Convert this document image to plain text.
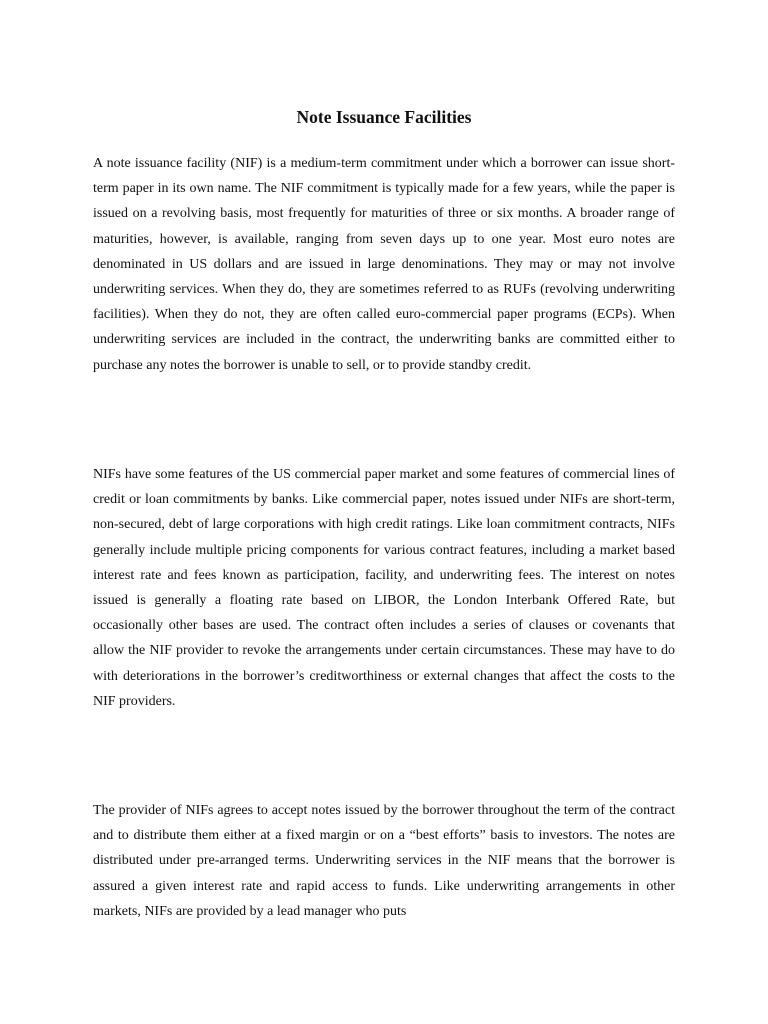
Note Issuance Facilities

A note issuance facility (NIF) is a medium-term commitment under which a borrower can issue short-term paper in its own name. The NIF commitment is typically made for a few years, while the paper is issued on a revolving basis, most frequently for maturities of three or six months. A broader range of maturities, however, is available, ranging from seven days up to one year. Most euro notes are denominated in US dollars and are issued in large denominations. They may or may not involve underwriting services. When they do, they are sometimes referred to as RUFs (revolving underwriting facilities). When they do not, they are often called euro-commercial paper programs (ECPs). When underwriting services are included in the contract, the underwriting banks are committed either to purchase any notes the borrower is unable to sell, or to provide standby credit.

NIFs have some features of the US commercial paper market and some features of commercial lines of credit or loan commitments by banks. Like commercial paper, notes issued under NIFs are short-term, non-secured, debt of large corporations with high credit ratings. Like loan commitment contracts, NIFs generally include multiple pricing components for various contract features, including a market based interest rate and fees known as participation, facility, and underwriting fees. The interest on notes issued is generally a floating rate based on LIBOR, the London Interbank Offered Rate, but occasionally other bases are used. The contract often includes a series of clauses or covenants that allow the NIF provider to revoke the arrangements under certain circumstances. These may have to do with deteriorations in the borrower’s creditworthiness or external changes that affect the costs to the NIF providers.

The provider of NIFs agrees to accept notes issued by the borrower throughout the term of the contract and to distribute them either at a fixed margin or on a “best efforts” basis to investors. The notes are distributed under pre-arranged terms. Underwriting services in the NIF means that the borrower is assured a given interest rate and rapid access to funds. Like underwriting arrangements in other markets, NIFs are provided by a lead manager who puts
